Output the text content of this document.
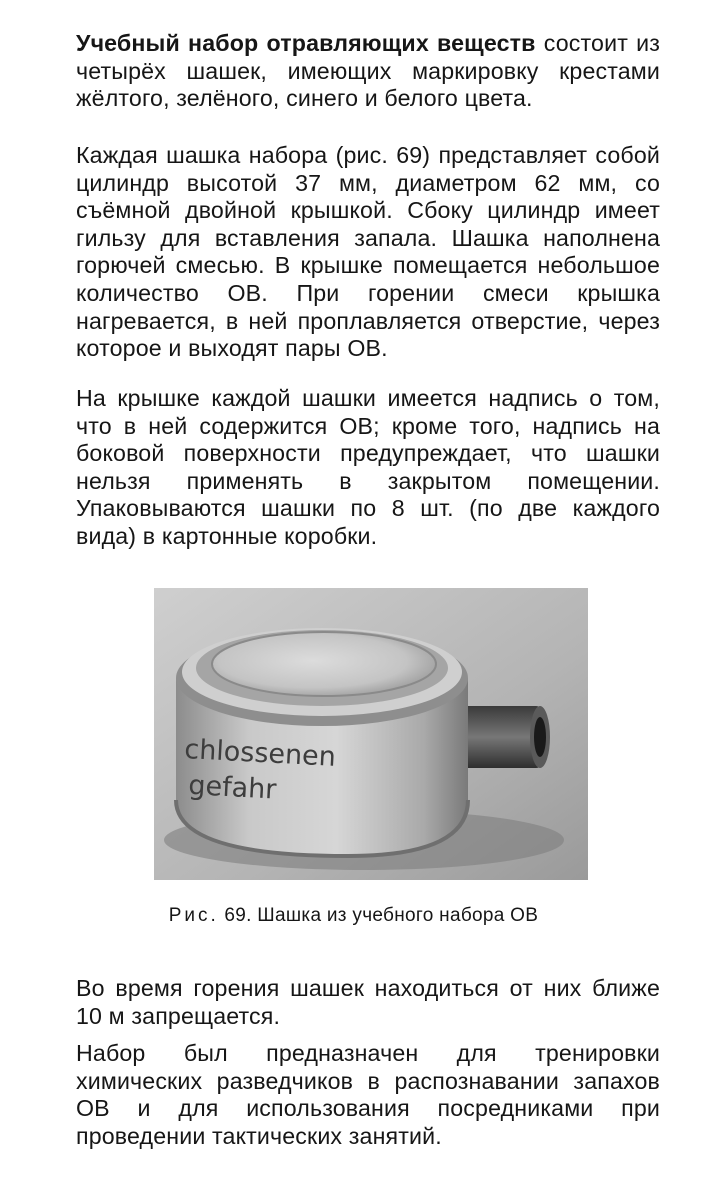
Учебный набор отравляющих веществ состоит из четырёх шашек, имеющих маркировку крестами жёлтого, зелёного, синего и белого цвета.

Каждая шашка набора (рис. 69) представляет собой цилиндр высотой 37 мм, диаметром 62 мм, со съёмной двойной крышкой. Сбоку цилиндр имеет гильзу для вставления запала. Шашка наполнена горючей смесью. В крышке помещается небольшое количество ОВ. При горении смеси крышка нагревается, в ней проплавляется отверстие, через которое и выходят пары ОВ.

На крышке каждой шашки имеется надпись о том, что в ней содержится ОВ; кроме того, надпись на боковой поверхности предупреждает, что шашки нельзя применять в закрытом помещении. Упаковываются шашки по 8 шт. (по две каждого вида) в картонные коробки.

chlossenen
gefahr
Рис. 69. Шашка из учебного набора ОВ

Во время горения шашек находиться от них ближе 10 м запрещается.

Набор был предназначен для тренировки химических разведчиков в распознавании запахов ОВ и для использования посредниками при проведении тактических занятий.
